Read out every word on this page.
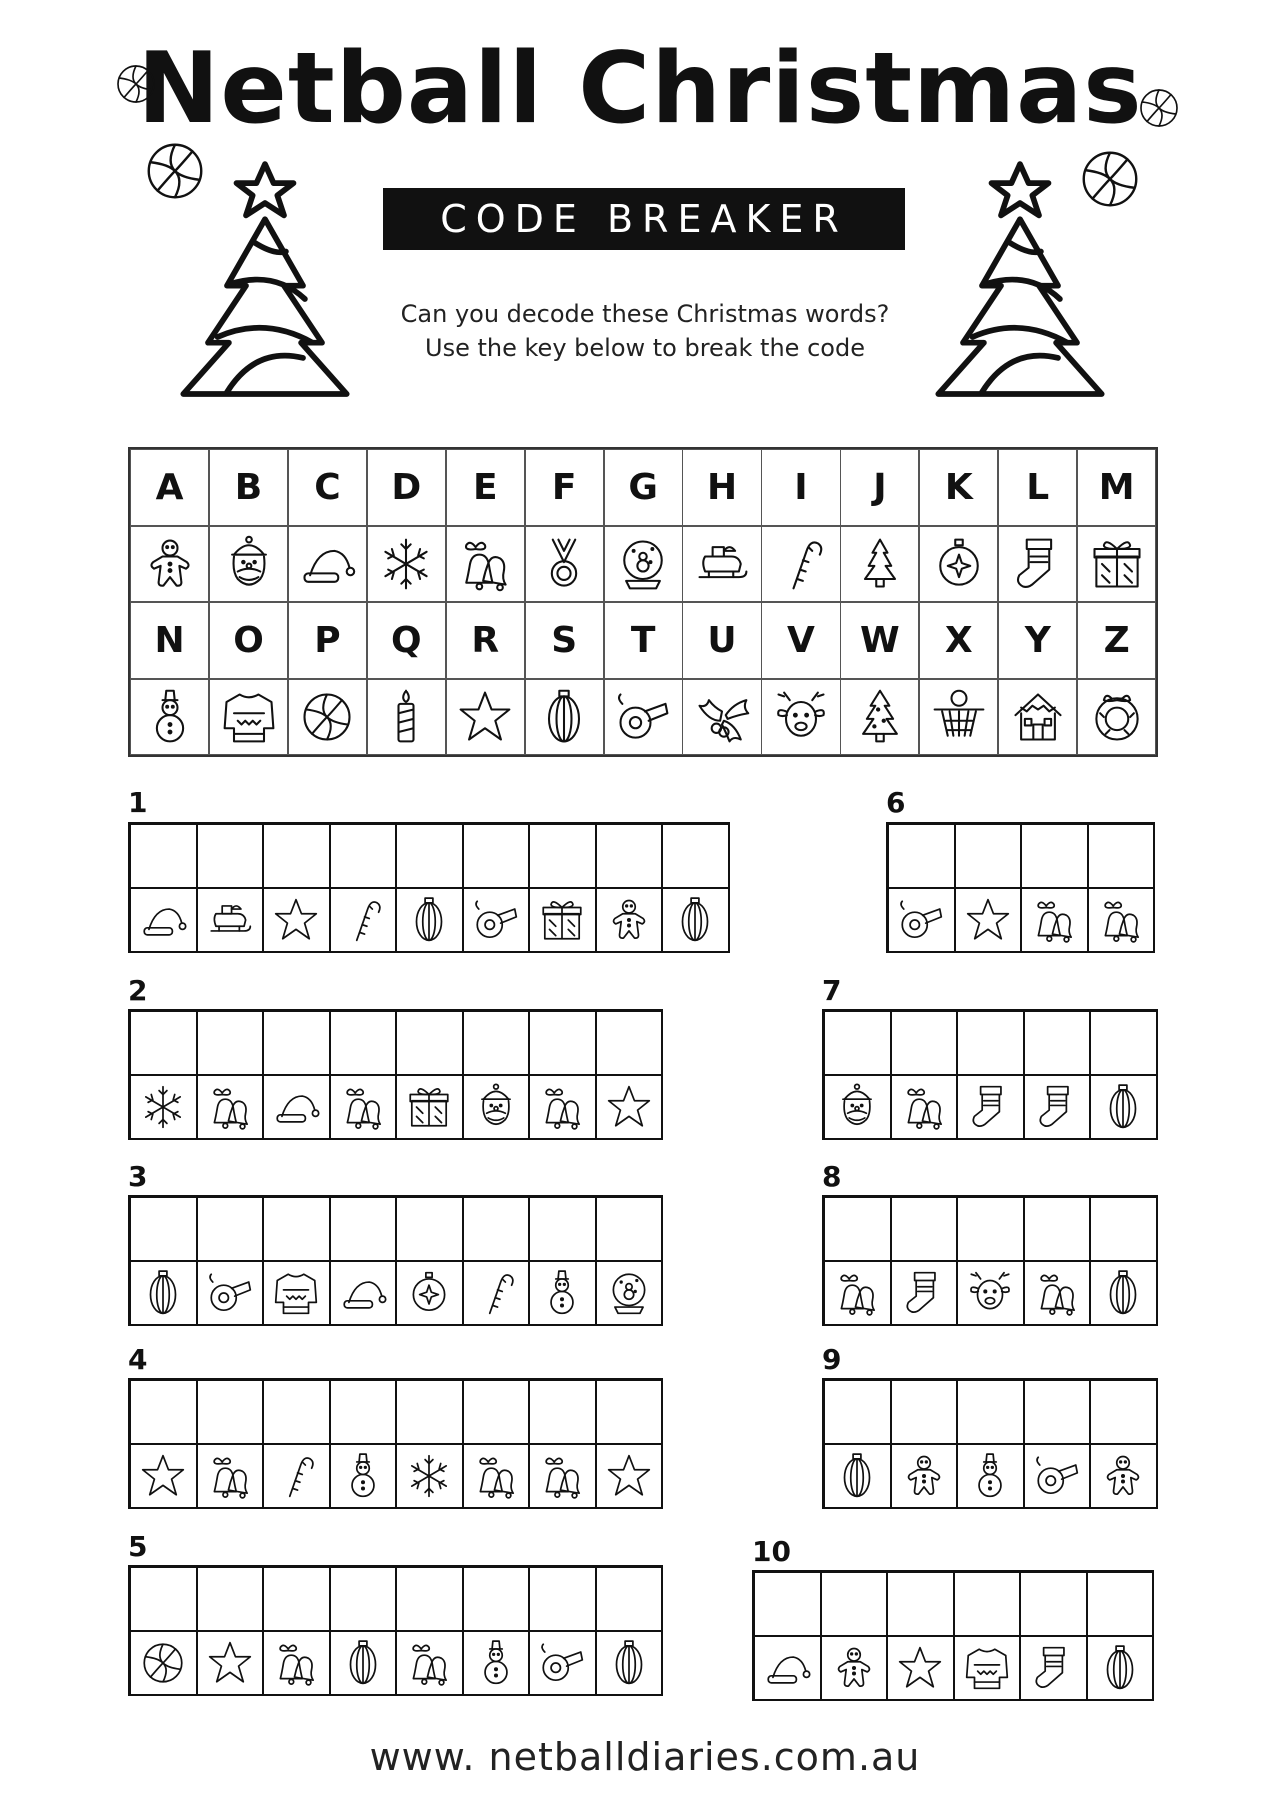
Netball Christmas
CODE BREAKER
Can you decode these Christmas words?
Use the key below to break the code
A B C D E F G H I J K L M
N O P Q R S T U V W X Y Z
1
2
3
4
5
6
7
8
9
10
www. netballdiaries.com.au
